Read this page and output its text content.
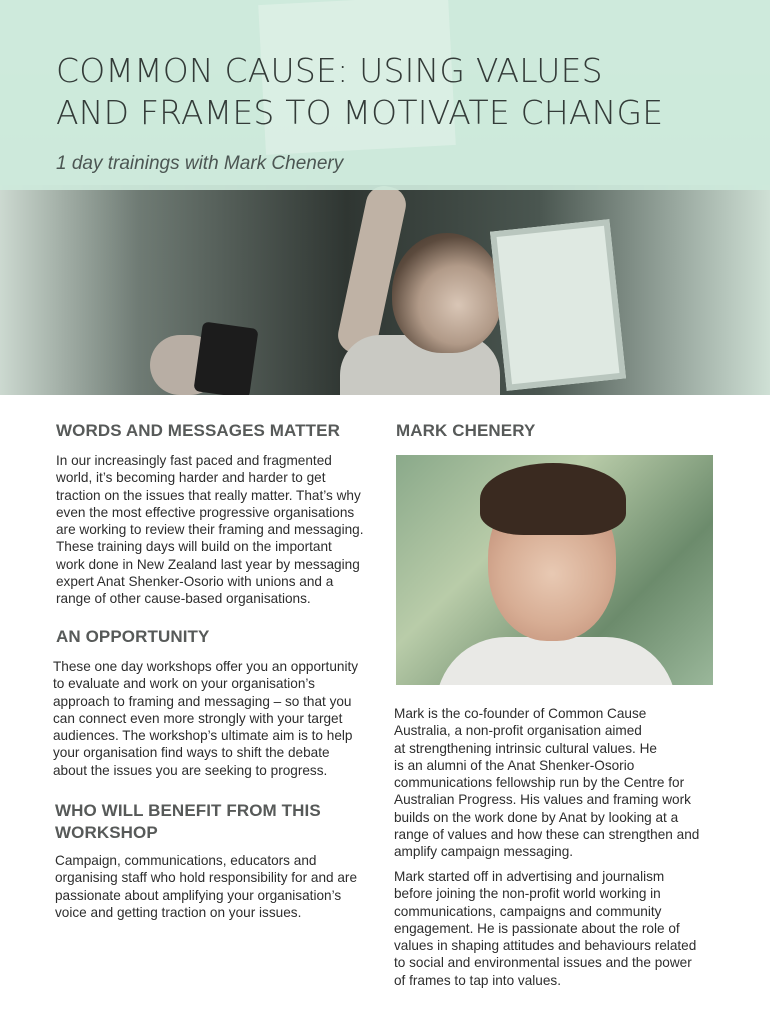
COMMON CAUSE: USING VALUES
AND FRAMES TO MOTIVATE CHANGE

1 day trainings with Mark Chenery

WORDS AND MESSAGES MATTER

In our increasingly fast paced and fragmented
world, it’s becoming harder and harder to get
traction on the issues that really matter. That’s why
even the most effective progressive organisations
are working to review their framing and messaging.
These training days will build on the important
work done in New Zealand last year by messaging
expert Anat Shenker-Osorio with unions and a
range of other cause-based organisations.

AN OPPORTUNITY

These one day workshops offer you an opportunity
to evaluate and work on your organisation’s
approach to framing and messaging – so that you
can connect even more strongly with your target
audiences. The workshop’s ultimate aim is to help
your organisation find ways to shift the debate
about the issues you are seeking to progress.

WHO WILL BENEFIT FROM THIS
WORKSHOP

Campaign, communications, educators and
organising staff who hold responsibility for and are
passionate about amplifying your organisation’s
voice and getting traction on your issues.

MARK CHENERY

Mark is the co-founder of Common Cause
Australia, a non-profit organisation aimed
at strengthening intrinsic cultural values. He
is an alumni of the Anat Shenker-Osorio
communications fellowship run by the Centre for
Australian Progress. His values and framing work
builds on the work done by Anat by looking at a
range of values and how these can strengthen and
amplify campaign messaging.

Mark started off in advertising and journalism
before joining the non-profit world working in
communications, campaigns and community
engagement. He is passionate about the role of
values in shaping attitudes and behaviours related
to social and environmental issues and the power
of frames to tap into values.
